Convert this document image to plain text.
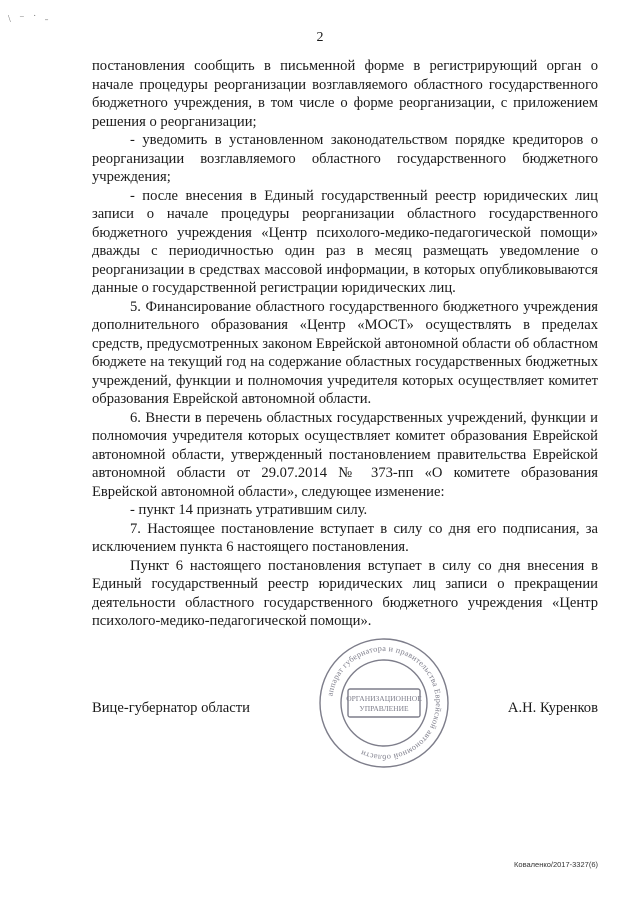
\ ⁻ ˙ ˗
2

постановления сообщить в письменной форме в регистрирующий орган о начале процедуры реорганизации возглавляемого областного государственного бюджетного учреждения, в том числе о форме реорганизации, с приложением решения о реорганизации;

- уведомить в установленном законодательством порядке кредиторов о реорганизации возглавляемого областного государственного бюджетного учреждения;

- после внесения в Единый государственный реестр юридических лиц записи о начале процедуры реорганизации областного государственного бюджетного учреждения «Центр психолого-медико-педагогической помощи» дважды с периодичностью один раз в месяц размещать уведомление о реорганизации в средствах массовой информации, в которых опубликовываются данные о государственной регистрации юридических лиц.

5. Финансирование областного государственного бюджетного учреждения дополнительного образования «Центр «МОСТ» осуществлять в пределах средств, предусмотренных законом Еврейской автономной области об областном бюджете на текущий год на содержание областных государственных бюджетных учреждений, функции и полномочия учредителя которых осуществляет комитет образования Еврейской автономной области.

6. Внести в перечень областных государственных учреждений, функции и полномочия учредителя которых осуществляет комитет образования Еврейской автономной области, утвержденный постановлением правительства Еврейской автономной области от 29.07.2014 № 373-пп «О комитете образования Еврейской автономной области», следующее изменение:

- пункт 14 признать утратившим силу.

7. Настоящее постановление вступает в силу со дня его подписания, за исключением пункта 6 настоящего постановления.

Пункт 6 настоящего постановления вступает в силу со дня внесения в Единый государственный реестр юридических лиц записи о прекращении деятельности областного государственного бюджетного учреждения «Центр психолого-медико-педагогической помощи».

Вице-губернатор области	А.Н. Куренков
аппарат губернатора и правительства Еврейской автономной области
ОРГАНИЗАЦИОННОЕ
УПРАВЛЕНИЕ
Коваленко/2017-3327(6)
